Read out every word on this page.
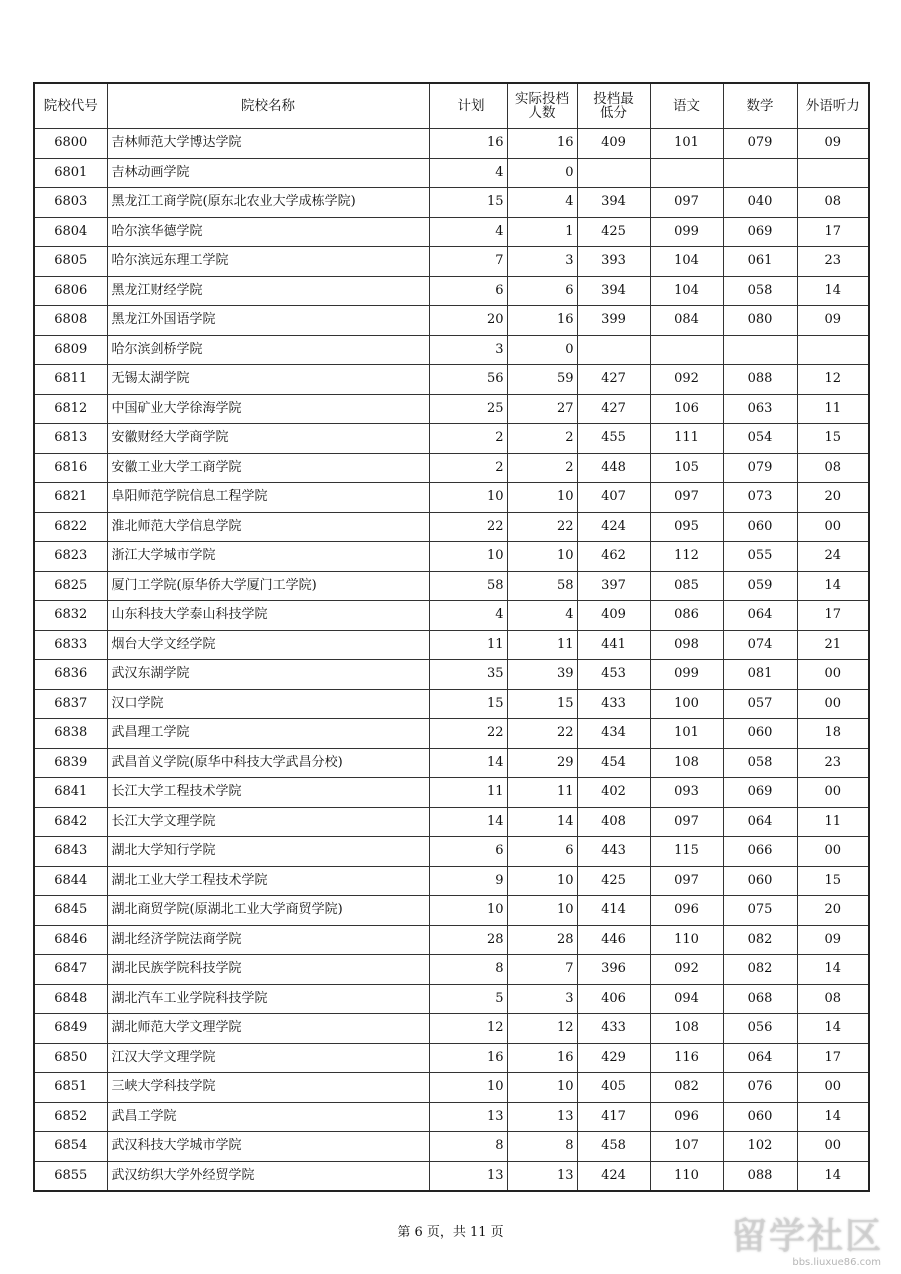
院校代号	院校名称	计划	实际投档人数	投档最低分	语文	数学	外语听力
6800	吉林师范大学博达学院	16	16	409	101	079	09
6801	吉林动画学院	4	0				
6803	黑龙江工商学院(原东北农业大学成栋学院)	15	4	394	097	040	08
6804	哈尔滨华德学院	4	1	425	099	069	17
6805	哈尔滨远东理工学院	7	3	393	104	061	23
6806	黑龙江财经学院	6	6	394	104	058	14
6808	黑龙江外国语学院	20	16	399	084	080	09
6809	哈尔滨剑桥学院	3	0				
6811	无锡太湖学院	56	59	427	092	088	12
6812	中国矿业大学徐海学院	25	27	427	106	063	11
6813	安徽财经大学商学院	2	2	455	111	054	15
6816	安徽工业大学工商学院	2	2	448	105	079	08
6821	阜阳师范学院信息工程学院	10	10	407	097	073	20
6822	淮北师范大学信息学院	22	22	424	095	060	00
6823	浙江大学城市学院	10	10	462	112	055	24
6825	厦门工学院(原华侨大学厦门工学院)	58	58	397	085	059	14
6832	山东科技大学泰山科技学院	4	4	409	086	064	17
6833	烟台大学文经学院	11	11	441	098	074	21
6836	武汉东湖学院	35	39	453	099	081	00
6837	汉口学院	15	15	433	100	057	00
6838	武昌理工学院	22	22	434	101	060	18
6839	武昌首义学院(原华中科技大学武昌分校)	14	29	454	108	058	23
6841	长江大学工程技术学院	11	11	402	093	069	00
6842	长江大学文理学院	14	14	408	097	064	11
6843	湖北大学知行学院	6	6	443	115	066	00
6844	湖北工业大学工程技术学院	9	10	425	097	060	15
6845	湖北商贸学院(原湖北工业大学商贸学院)	10	10	414	096	075	20
6846	湖北经济学院法商学院	28	28	446	110	082	09
6847	湖北民族学院科技学院	8	7	396	092	082	14
6848	湖北汽车工业学院科技学院	5	3	406	094	068	08
6849	湖北师范大学文理学院	12	12	433	108	056	14
6850	江汉大学文理学院	16	16	429	116	064	17
6851	三峡大学科技学院	10	10	405	082	076	00
6852	武昌工学院	13	13	417	096	060	14
6854	武汉科技大学城市学院	8	8	458	107	102	00
6855	武汉纺织大学外经贸学院	13	13	424	110	088	14
第 6 页，共 11 页	留学社区
bbs.liuxue86.com
